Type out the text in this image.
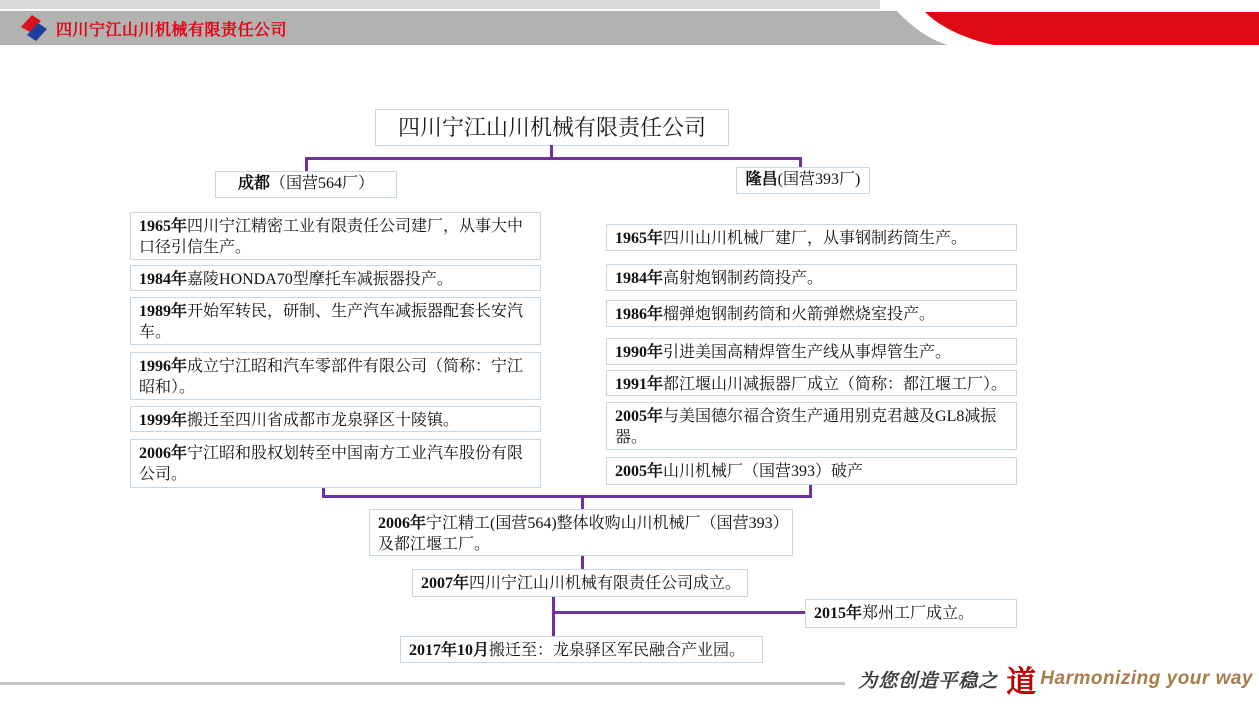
四川宁江山川机械有限责任公司
四川宁江山川机械有限责任公司
成都（国营564厂）	隆昌(国营393厂)
1965年四川宁江精密工业有限责任公司建厂，从事大中口径引信生产。
1984年嘉陵HONDA70型摩托车减振器投产。
1989年开始军转民，研制、生产汽车减振器配套长安汽车。
1996年成立宁江昭和汽车零部件有限公司（简称：宁江昭和）。
1999年搬迁至四川省成都市龙泉驿区十陵镇。
2006年宁江昭和股权划转至中国南方工业汽车股份有限公司。
1965年四川山川机械厂建厂，从事钢制药筒生产。
1984年高射炮钢制药筒投产。
1986年榴弹炮钢制药筒和火箭弹燃烧室投产。
1990年引进美国高精焊管生产线从事焊管生产。
1991年都江堰山川减振器厂成立（简称：都江堰工厂）。
2005年与美国德尔福合资生产通用别克君越及GL8减振器。
2005年山川机械厂（国营393）破产
2006年宁江精工(国营564)整体收购山川机械厂（国营393）及都江堰工厂。
2007年四川宁江山川机械有限责任公司成立。
2015年郑州工厂成立。
2017年10月搬迁至：龙泉驿区军民融合产业园。
为您创造平稳之 道 Harmonizing your way
